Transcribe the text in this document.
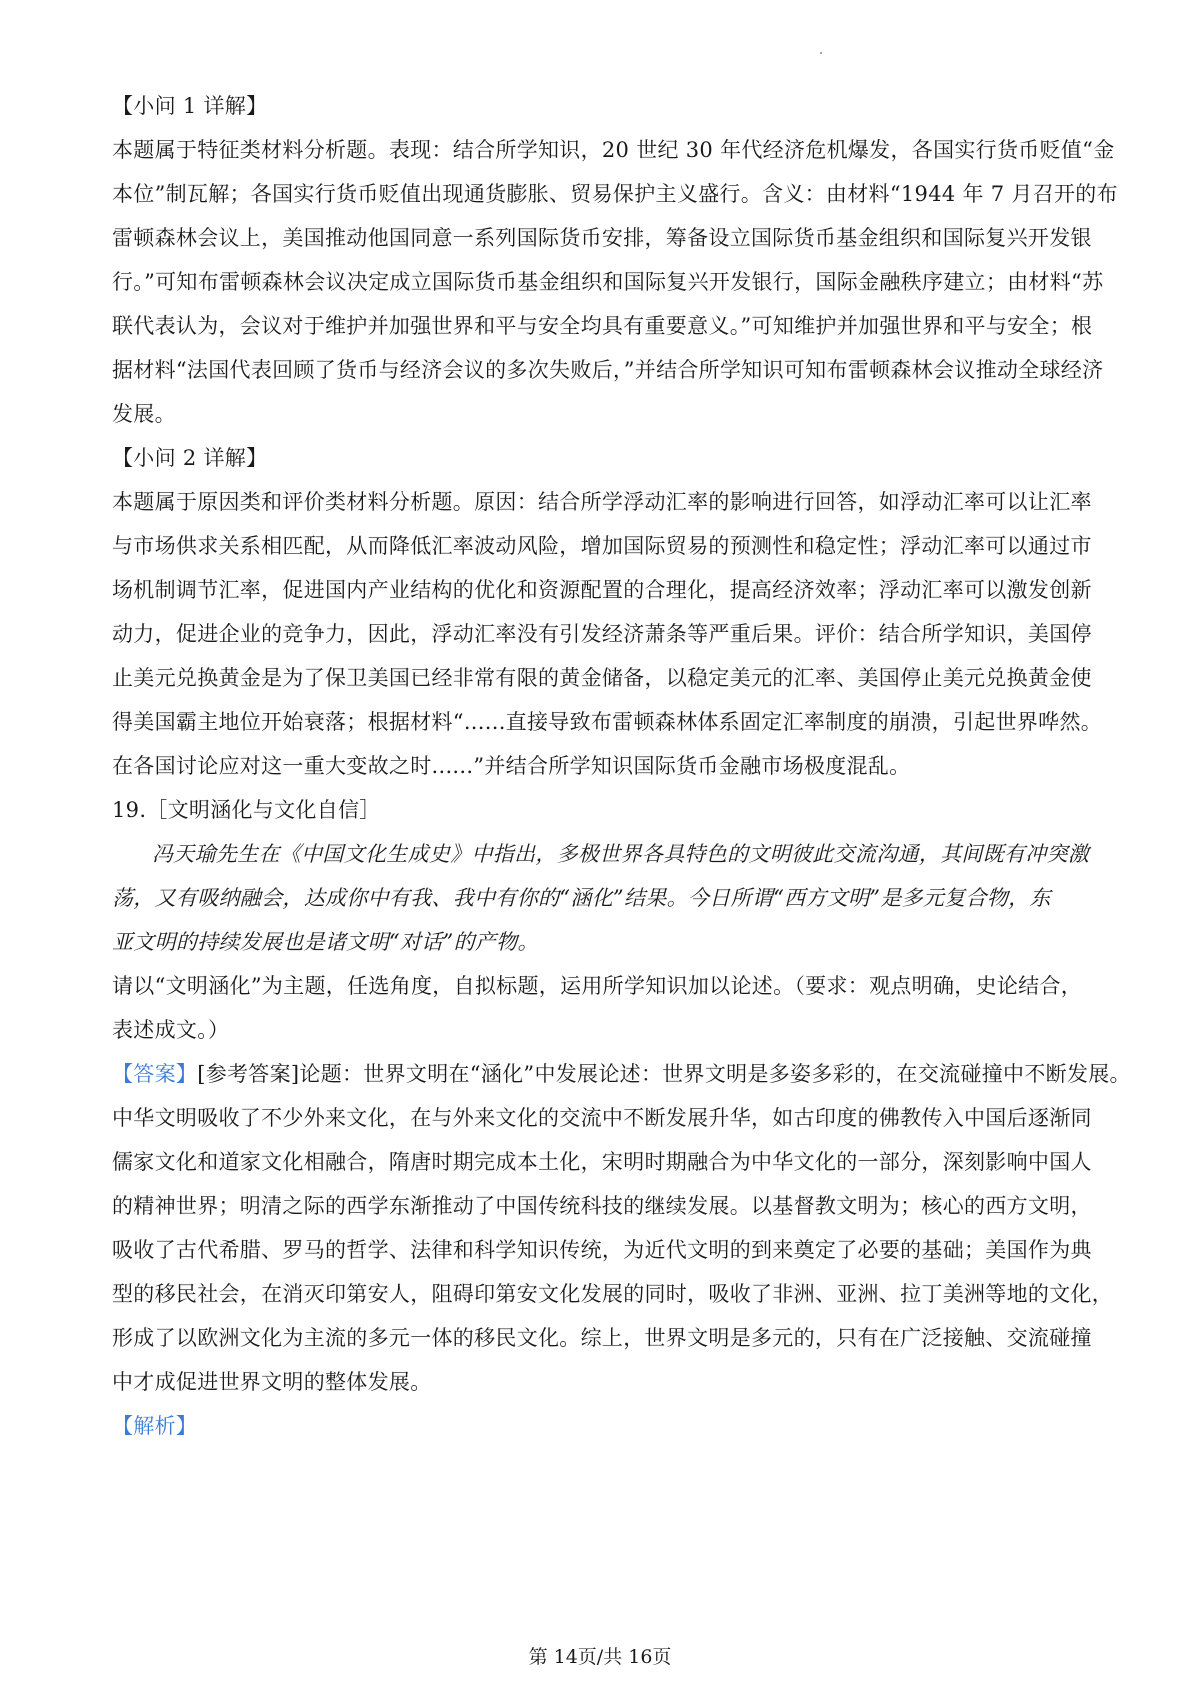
【小问 1 详解】
本题属于特征类材料分析题。表现：结合所学知识，20 世纪 30 年代经济危机爆发，各国实行货币贬值“金
本位”制瓦解；各国实行货币贬值出现通货膨胀、贸易保护主义盛行。含义：由材料“1944 年 7 月召开的布
雷顿森林会议上，美国推动他国同意一系列国际货币安排，筹备设立国际货币基金组织和国际复兴开发银
行。”可知布雷顿森林会议决定成立国际货币基金组织和国际复兴开发银行，国际金融秩序建立；由材料“苏
联代表认为，会议对于维护并加强世界和平与安全均具有重要意义。”可知维护并加强世界和平与安全；根
据材料“法国代表回顾了货币与经济会议的多次失败后，”并结合所学知识可知布雷顿森林会议推动全球经济
发展。
【小问 2 详解】
本题属于原因类和评价类材料分析题。原因：结合所学浮动汇率的影响进行回答，如浮动汇率可以让汇率
与市场供求关系相匹配，从而降低汇率波动风险，增加国际贸易的预测性和稳定性；浮动汇率可以通过市
场机制调节汇率，促进国内产业结构的优化和资源配置的合理化，提高经济效率；浮动汇率可以激发创新
动力，促进企业的竞争力，因此，浮动汇率没有引发经济萧条等严重后果。评价：结合所学知识，美国停
止美元兑换黄金是为了保卫美国已经非常有限的黄金储备，以稳定美元的汇率、美国停止美元兑换黄金使
得美国霸主地位开始衰落；根据材料“......直接导致布雷顿森林体系固定汇率制度的崩溃，引起世界哗然。
在各国讨论应对这一重大变故之时......”并结合所学知识国际货币金融市场极度混乱。
19.［文明涵化与文化自信］
冯天瑜先生在《中国文化生成史》中指出，多极世界各具特色的文明彼此交流沟通，其间既有冲突激
荡，又有吸纳融会，达成你中有我、我中有你的“涵化”结果。今日所谓“西方文明”是多元复合物，东
亚文明的持续发展也是诸文明“对话”的产物。
请以“文明涵化”为主题，任选角度，自拟标题，运用所学知识加以论述。（要求：观点明确，史论结合，
表述成文。）
【答案】[参考答案]论题：世界文明在“涵化”中发展论述：世界文明是多姿多彩的，在交流碰撞中不断发展。
中华文明吸收了不少外来文化，在与外来文化的交流中不断发展升华，如古印度的佛教传入中国后逐渐同
儒家文化和道家文化相融合，隋唐时期完成本土化，宋明时期融合为中华文化的一部分，深刻影响中国人
的精神世界；明清之际的西学东渐推动了中国传统科技的继续发展。以基督教文明为；核心的西方文明，
吸收了古代希腊、罗马的哲学、法律和科学知识传统，为近代文明的到来奠定了必要的基础；美国作为典
型的移民社会，在消灭印第安人，阻碍印第安文化发展的同时，吸收了非洲、亚洲、拉丁美洲等地的文化，
形成了以欧洲文化为主流的多元一体的移民文化。综上，世界文明是多元的，只有在广泛接触、交流碰撞
中才成促进世界文明的整体发展。
【解析】
第 14页/共 16页
